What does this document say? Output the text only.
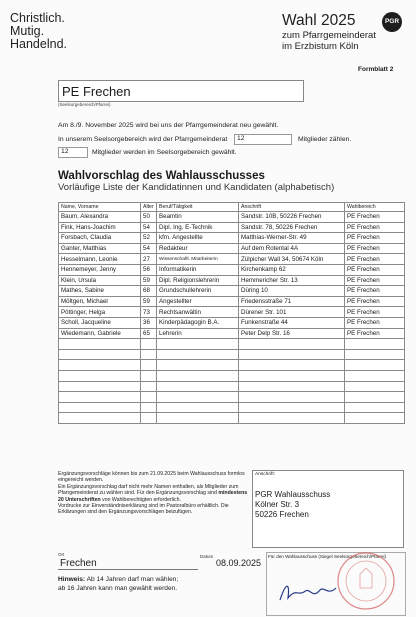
Christlich.
Mutig.
Handelnd.
Wahl 2025	PGR
zum Pfarrgemeinderat
im Erzbistum Köln
Formblatt 2
PE Frechen
(Seelsorgebereich/Pfarrei)
Am 8./9. November 2025 wird bei uns der Pfarrgemeinderat neu gewählt.
In unserem Seelsorgebereich wird der Pfarrgemeinderat	12	Mitglieder zählen.
12	Mitglieder werden im Seelsorgebereich gewählt.
Wahlvorschlag des Wahlausschusses
Vorläufige Liste der Kandidatinnen und Kandidaten (alphabetisch)
Name, Vorname	Alter	Beruf/Tätigkeit	Anschrift	Wahlbereich
Baum, Alexandra	50	Beamtin	Sandstr. 10B, 50226 Frechen	PE Frechen
Fink, Hans-Joachim	54	Dipl. Ing. E-Technik	Sandstr. 78, 50226 Frechen	PE Frechen
Forsbach, Claudia	52	kfm. Angestellte	Matthias-Werner-Str. 49	PE Frechen
Ganter, Matthias	54	Redakteur	Auf dem Rotental 4A	PE Frechen
Hesselmann, Leonie	27	Wissenschaftl. Mitarbeiterin	Zülpicher Wall 34, 50674 Köln	PE Frechen
Hennemeyer, Jenny	56	Informatikerin	Kirchenkamp 62	PE Frechen
Klein, Ursula	59	Dipl. Religionslehrerin	Hemmericher Str. 13	PE Frechen
Mathes, Sabine	68	Grundschullehrerin	Düring 10	PE Frechen
Möltgen, Michael	59	Angestellter	Friedensstraße 71	PE Frechen
Pöttinger, Helga	73	Rechtsanwältin	Dürener Str. 101	PE Frechen
Scholl, Jacqueline	36	Kinderpädagogin B.A.	Funkenstraße 44	PE Frechen
Wiedemann, Gabriele	65	Lehrerin	Peter Delp Str. 16	PE Frechen

Ergänzungsvorschläge können bis zum 21.09.2025 beim Wahlausschuss formlos eingereicht werden.
Ein Ergänzungsvorschlag darf nicht mehr Namen enthalten, als Mitglieder zum Pfarrgemeinderat zu wählen sind. Für den Ergänzungsvorschlag sind mindestens 20 Unterschriften von Wahlberechtigten erforderlich.
Vordrucke zur Einverständniserklärung sind im Pastoralbüro erhältlich. Die Erklärungen sind den Ergänzungsvorschlägen beizufügen.
Anschrift:
PGR Wahlausschuss
Kölner Str. 3
50226 Frechen
Ort
Frechen
Datum
08.09.2025
Für den Wahlausschuss (Siegel Seelsorgebereich/Pfarrei)
Hinweis: Ab 14 Jahren darf man wählen;
ab 16 Jahren kann man gewählt werden.
